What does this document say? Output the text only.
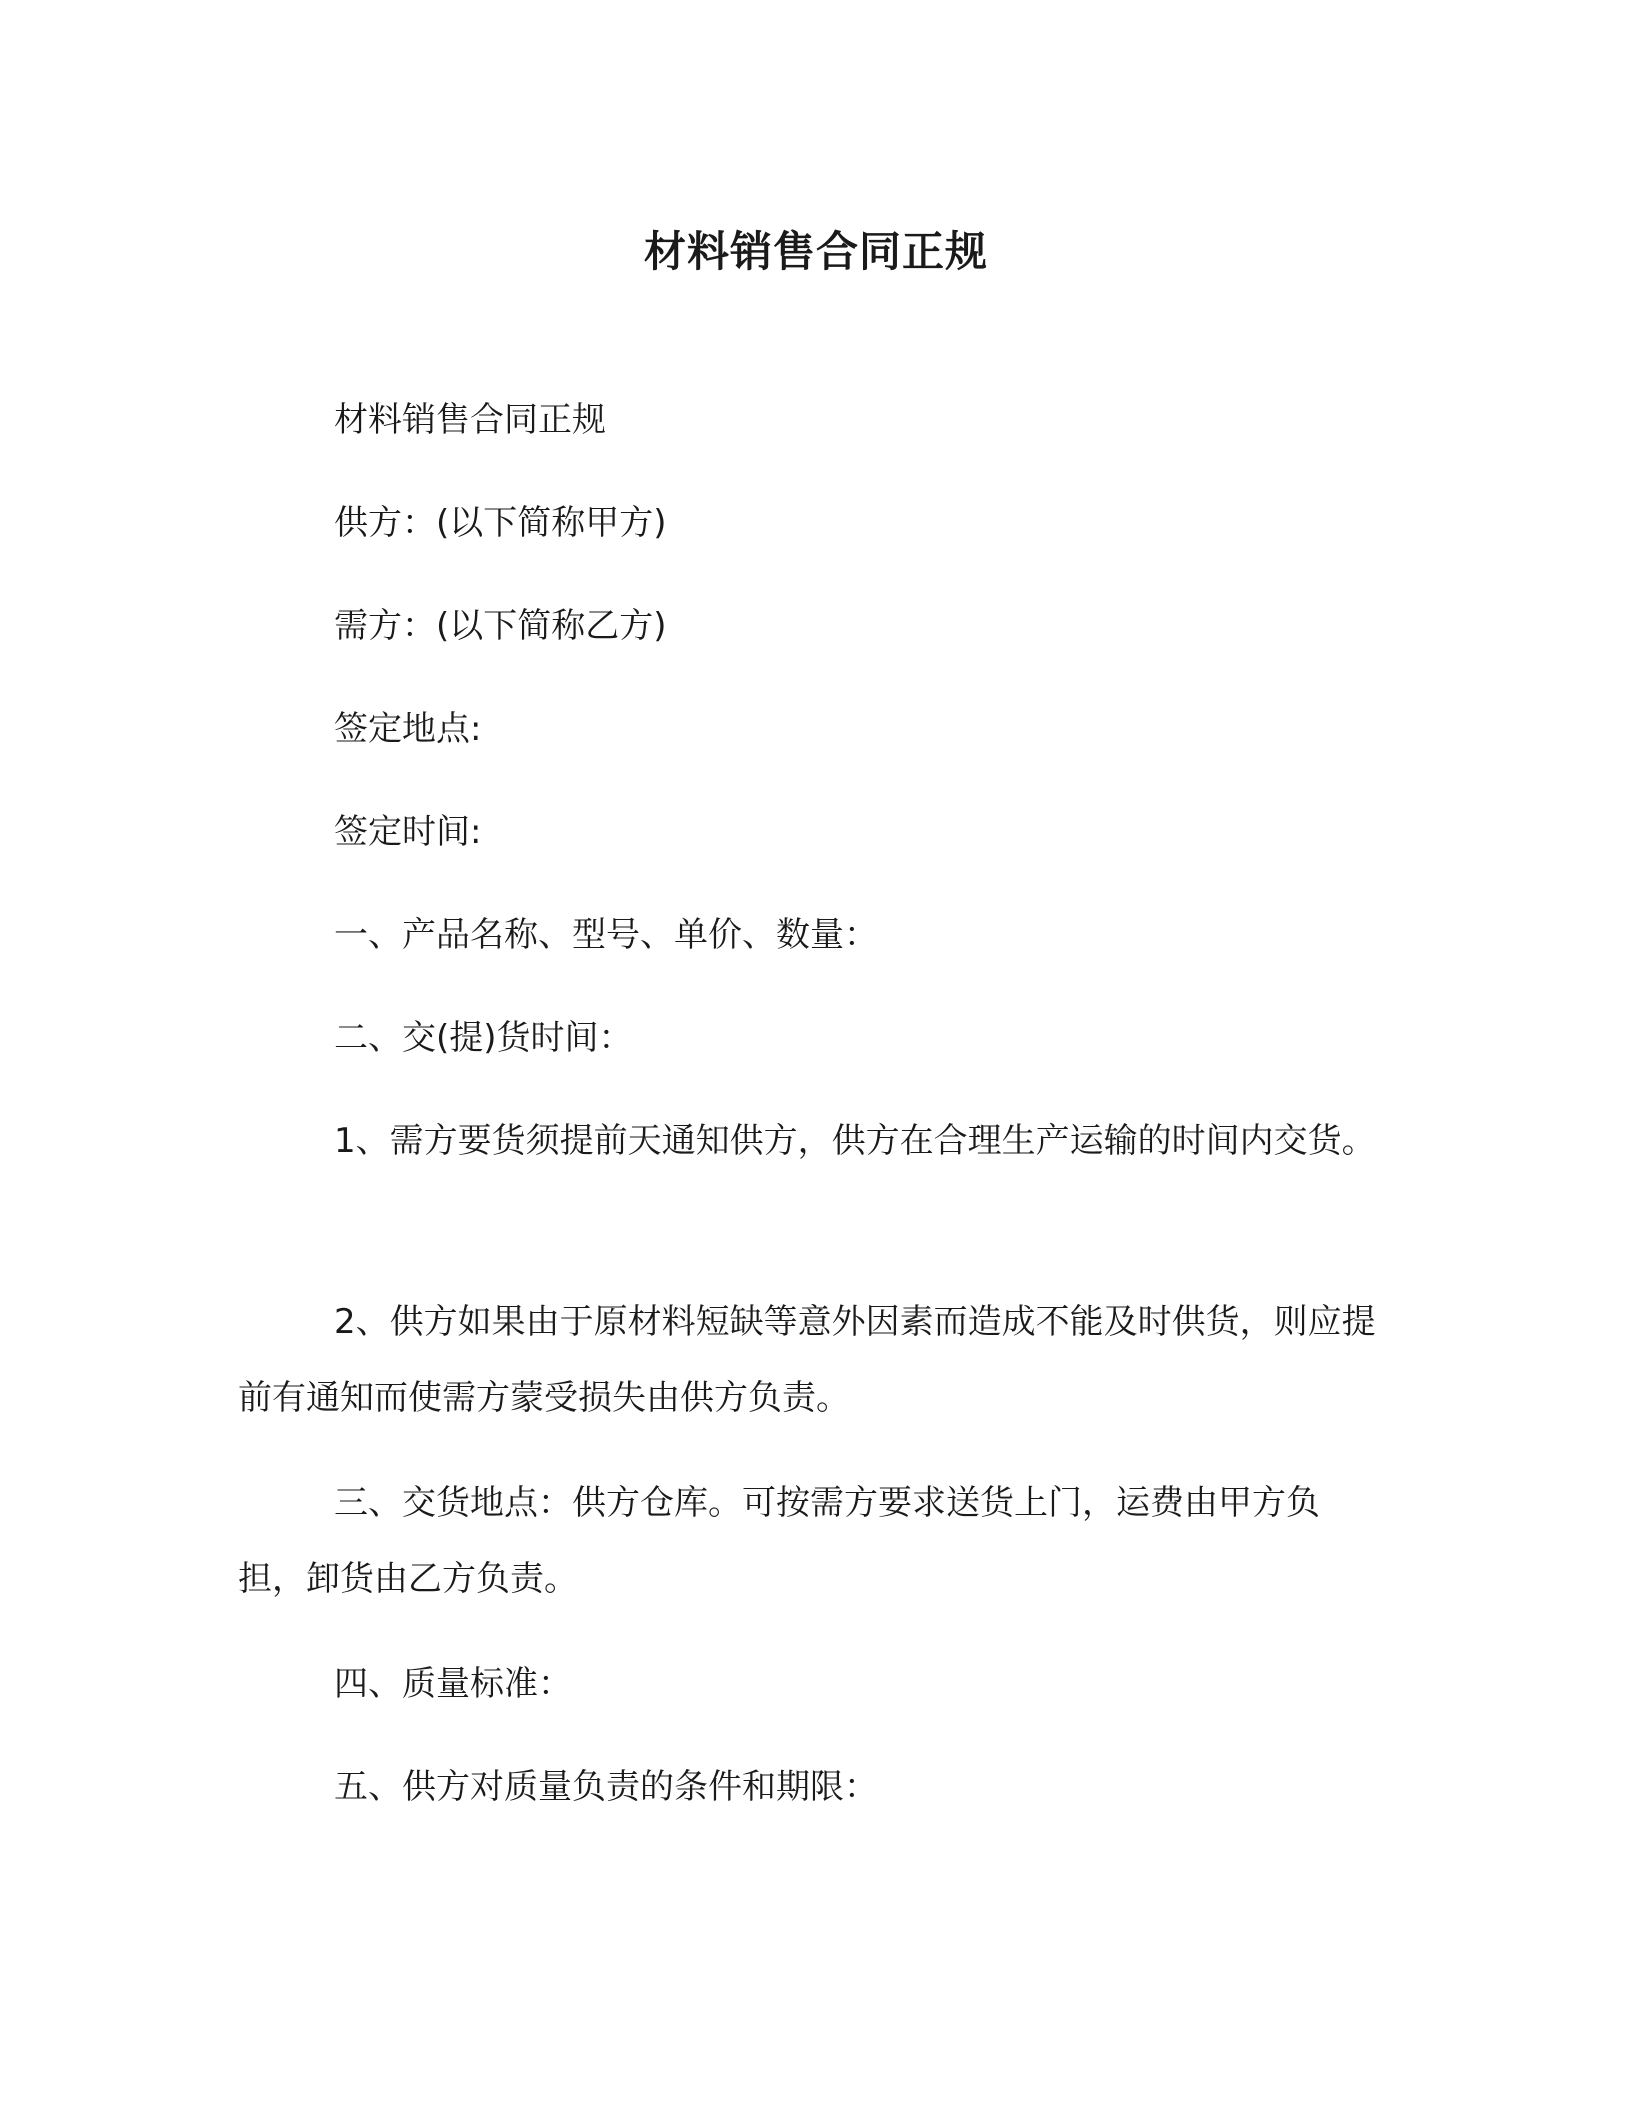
材料销售合同正规

材料销售合同正规

供方：(以下简称甲方)

需方：(以下简称乙方)

签定地点:

签定时间:

一、产品名称、型号、单价、数量：

二、交(提)货时间：

1、需方要货须提前天通知供方，供方在合理生产运输的时间内交货。

2、供方如果由于原材料短缺等意外因素而造成不能及时供货，则应提前有通知而使需方蒙受损失由供方负责。

三、交货地点：供方仓库。可按需方要求送货上门，运费由甲方负担，卸货由乙方负责。

四、质量标准：

五、供方对质量负责的条件和期限：
